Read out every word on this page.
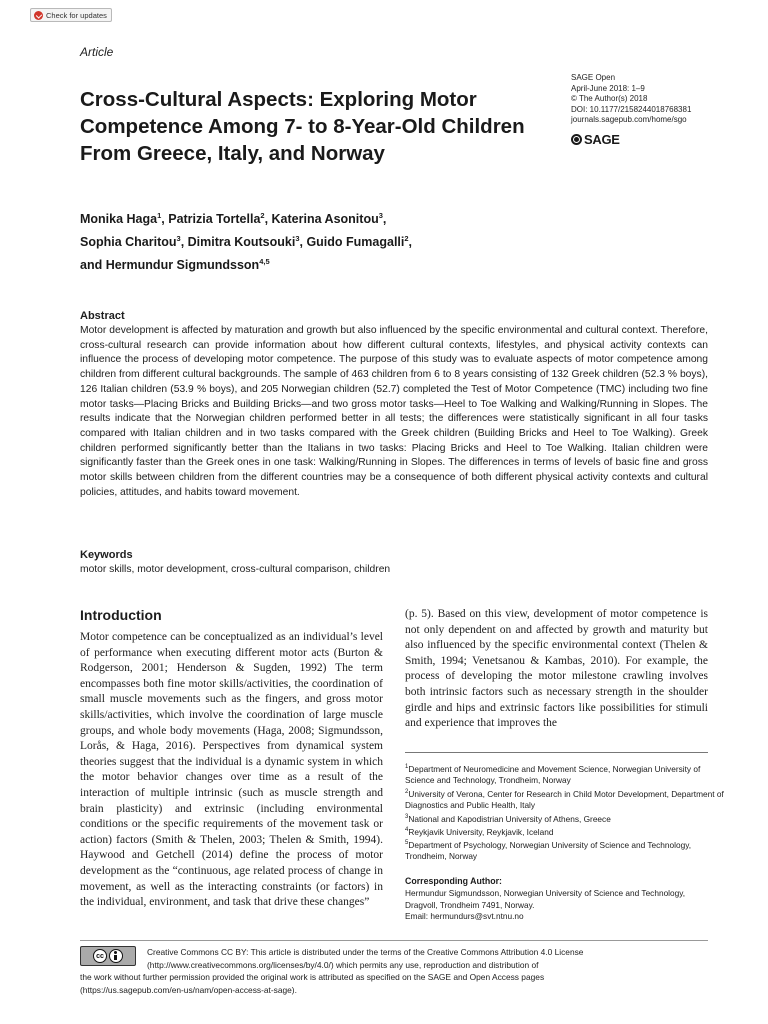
Check for updates
Article
Cross-Cultural Aspects: Exploring Motor Competence Among 7- to 8-Year-Old Children From Greece, Italy, and Norway
SAGE Open
April-June 2018: 1–9
© The Author(s) 2018
DOI: 10.1177/2158244018768381
journals.sagepub.com/home/sgo
SAGE
Monika Haga$^1$, Patrizia Tortella$^2$, Katerina Asonitou$^3$,
Sophia Charitou$^3$, Dimitra Koutsouki$^3$, Guido Fumagalli$^2$,
and Hermundur Sigmundsson$^{4,5}$
Abstract
Motor development is affected by maturation and growth but also influenced by the specific environmental and cultural context. Therefore, cross-cultural research can provide information about how different cultural contexts, lifestyles, and physical activity contexts can influence the process of developing motor competence. The purpose of this study was to evaluate aspects of motor competence among children from different cultural backgrounds. The sample of 463 children from 6 to 8 years consisting of 132 Greek children (52.3 % boys), 126 Italian children (53.9 % boys), and 205 Norwegian children (52.7) completed the Test of Motor Competence (TMC) including two fine motor tasks—Placing Bricks and Building Bricks—and two gross motor tasks—Heel to Toe Walking and Walking/Running in Slopes. The results indicate that the Norwegian children performed better in all tests; the differences were statistically significant in all four tasks compared with Italian children and in two tasks compared with the Greek children (Building Bricks and Heel to Toe Walking). Greek children performed significantly better than the Italians in two tasks: Placing Bricks and Heel to Toe Walking. Italian children were significantly faster than the Greek ones in one task: Walking/Running in Slopes. The differences in terms of levels of basic fine and gross motor skills between children from the different countries may be a consequence of both different physical activity contexts and cultural policies, attitudes, and habits toward movement.
Keywords
motor skills, motor development, cross-cultural comparison, children
Introduction
Motor competence can be conceptualized as an individual’s level of performance when executing different motor acts (Burton & Rodgerson, 2001; Henderson & Sugden, 1992) The term encompasses both fine motor skills/activities, the coordination of small muscle movements such as the fingers, and gross motor skills/activities, which involve the coordination of large muscle groups, and whole body movements (Haga, 2008; Sigmundsson, Lorås, & Haga, 2016). Perspectives from dynamical system theories suggest that the individual is a dynamic system in which the motor behavior changes over time as a result of the interaction of multiple intrinsic (such as muscle strength and brain plasticity) and extrinsic (including environmental conditions or the specific requirements of the movement task or action) factors (Smith & Thelen, 2003; Thelen & Smith, 1994). Haywood and Getchell (2014) define the process of motor development as the “continuous, age related process of change in movement, as well as the interacting constraints (or factors) in the individual, environment, and task that drive these changes”
(p. 5). Based on this view, development of motor competence is not only dependent on and affected by growth and maturity but also influenced by the specific environmental context (Thelen & Smith, 1994; Venetsanou & Kambas, 2010). For example, the process of developing the motor milestone crawling involves both intrinsic factors such as necessary strength in the shoulder girdle and hips and extrinsic factors like possibilities for stimuli and experience that improves the
$^1$Department of Neuromedicine and Movement Science, Norwegian University of Science and Technology, Trondheim, Norway
$^2$University of Verona, Center for Research in Child Motor Development, Department of Diagnostics and Public Health, Italy
$^3$National and Kapodistrian University of Athens, Greece
$^4$Reykjavik University, Reykjavik, Iceland
$^5$Department of Psychology, Norwegian University of Science and Technology, Trondheim, Norway
Corresponding Author:
Hermundur Sigmundsson, Norwegian University of Science and Technology, Dragvoll, Trondheim 7491, Norway.
Email: hermundurs@svt.ntnu.no
cc	Creative Commons CC BY: This article is distributed under the terms of the Creative Commons Attribution 4.0 License
(http://www.creativecommons.org/licenses/by/4.0/) which permits any use, reproduction and distribution of
the work without further permission provided the original work is attributed as specified on the SAGE and Open Access pages
(https://us.sagepub.com/en-us/nam/open-access-at-sage).
